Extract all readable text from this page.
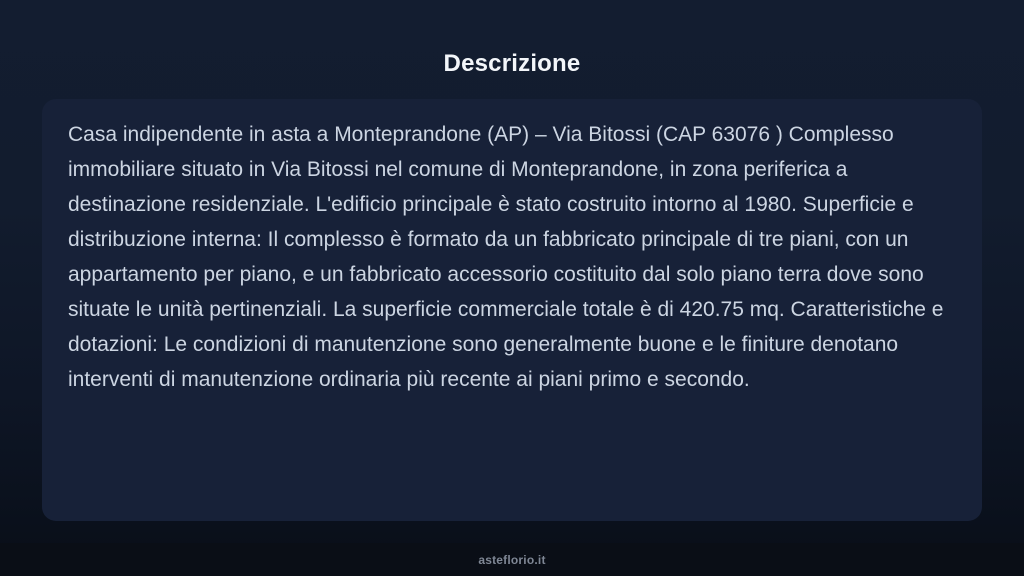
Descrizione

Casa indipendente in asta a Monteprandone (AP) – Via Bitossi (CAP 63076 ) Complesso immobiliare situato in Via Bitossi nel comune di Monteprandone, in zona periferica a destinazione residenziale. L'edificio principale è stato costruito intorno al 1980. Superficie e distribuzione interna: Il complesso è formato da un fabbricato principale di tre piani, con un appartamento per piano, e un fabbricato accessorio costituito dal solo piano terra dove sono situate le unità pertinenziali. La superficie commerciale totale è di 420.75 mq. Caratteristiche e dotazioni: Le condizioni di manutenzione sono generalmente buone e le finiture denotano interventi di manutenzione ordinaria più recente ai piani primo e secondo.

asteflorio.it
